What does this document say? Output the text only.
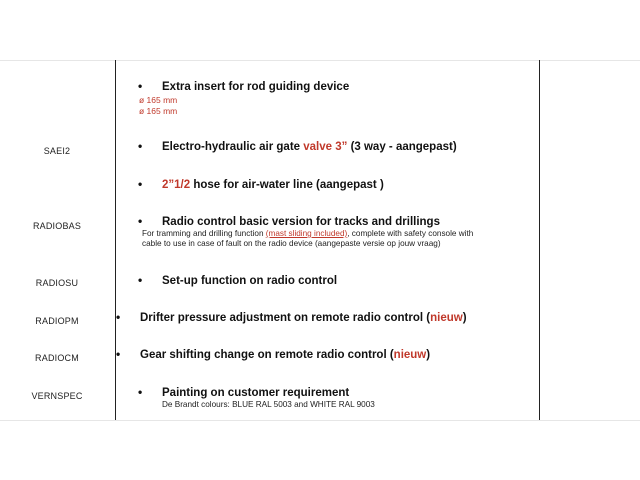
• Extra insert for rod guiding device
ø 165 mm
ø 165 mm
SAEI2	• Electro-hydraulic air gate valve 3” (3 way - aangepast)
• 2”1/2 hose for air-water line (aangepast )
RADIOBAS	• Radio control basic version for tracks and drillings
For tramming and drilling function (mast sliding included), complete with safety console with
cable to use in case of fault on the radio device (aangepaste versie op jouw vraag)
RADIOSU	• Set-up function on radio control
RADIOPM	• Drifter pressure adjustment on remote radio control (nieuw)
RADIOCM	• Gear shifting change on remote radio control (nieuw)
VERNSPEC	• Painting on customer requirement
De Brandt colours: BLUE RAL 5003 and WHITE RAL 9003
